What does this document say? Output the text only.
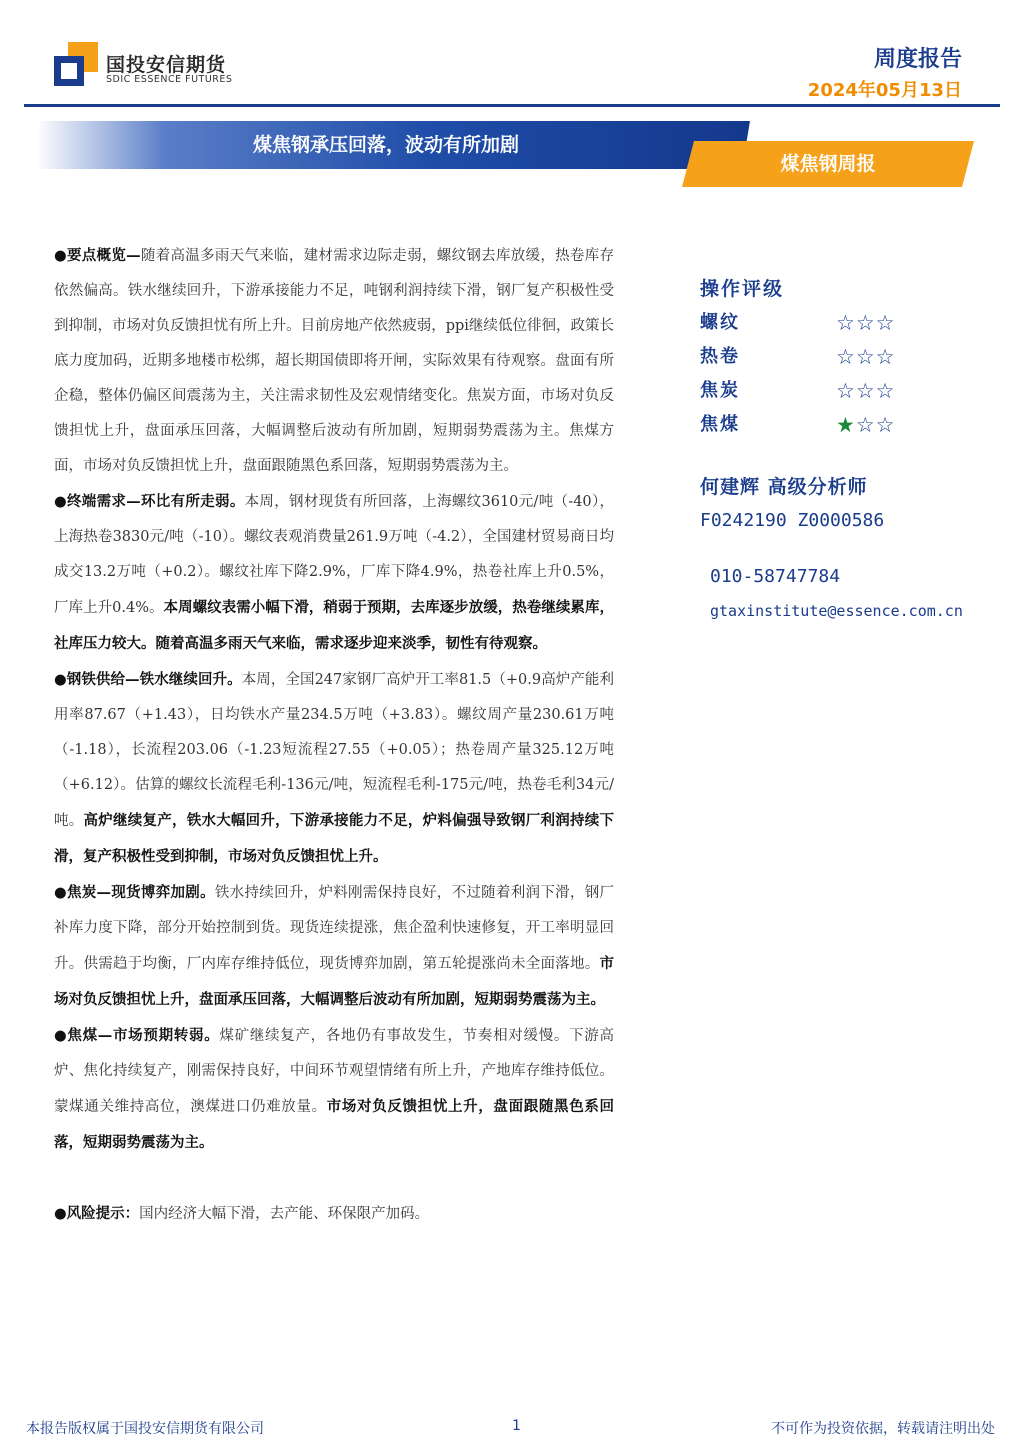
国投安信期货
SDIC ESSENCE FUTURES
周度报告
2024年05月13日
煤焦钢承压回落，波动有所加剧
煤焦钢周报

●要点概览—随着高温多雨天气来临，建材需求边际走弱，螺纹钢去库放缓，热卷库存依然偏高。铁水继续回升，下游承接能力不足，吨钢利润持续下滑，钢厂复产积极性受到抑制，市场对负反馈担忧有所上升。目前房地产依然疲弱，ppi继续低位徘徊，政策长底力度加码，近期多地楼市松绑，超长期国债即将开闸，实际效果有待观察。盘面有所企稳，整体仍偏区间震荡为主，关注需求韧性及宏观情绪变化。焦炭方面，市场对负反馈担忧上升，盘面承压回落，大幅调整后波动有所加剧，短期弱势震荡为主。焦煤方面，市场对负反馈担忧上升，盘面跟随黑色系回落，短期弱势震荡为主。

●终端需求—环比有所走弱。本周，钢材现货有所回落，上海螺纹3610元/吨（-40），上海热卷3830元/吨（-10）。螺纹表观消费量261.9万吨（-4.2），全国建材贸易商日均成交13.2万吨（+0.2）。螺纹社库下降2.9%，厂库下降4.9%，热卷社库上升0.5%，厂库上升0.4%。本周螺纹表需小幅下滑，稍弱于预期，去库逐步放缓，热卷继续累库，社库压力较大。随着高温多雨天气来临，需求逐步迎来淡季，韧性有待观察。

●钢铁供给—铁水继续回升。本周，全国247家钢厂高炉开工率81.5（+0.9高炉产能利用率87.67（+1.43），日均铁水产量234.5万吨（+3.83）。螺纹周产量230.61万吨（-1.18），长流程203.06（-1.23短流程27.55（+0.05）；热卷周产量325.12万吨（+6.12）。估算的螺纹长流程毛利-136元/吨，短流程毛利-175元/吨，热卷毛利34元/吨。高炉继续复产，铁水大幅回升，下游承接能力不足，炉料偏强导致钢厂利润持续下滑，复产积极性受到抑制，市场对负反馈担忧上升。

●焦炭—现货博弈加剧。铁水持续回升，炉料刚需保持良好，不过随着利润下滑，钢厂补库力度下降，部分开始控制到货。现货连续提涨，焦企盈利快速修复，开工率明显回升。供需趋于均衡，厂内库存维持低位，现货博弈加剧，第五轮提涨尚未全面落地。市场对负反馈担忧上升，盘面承压回落，大幅调整后波动有所加剧，短期弱势震荡为主。

●焦煤—市场预期转弱。煤矿继续复产，各地仍有事故发生，节奏相对缓慢。下游高炉、焦化持续复产，刚需保持良好，中间环节观望情绪有所上升，产地库存维持低位。蒙煤通关维持高位，澳煤进口仍难放量。市场对负反馈担忧上升，盘面跟随黑色系回落，短期弱势震荡为主。

●风险提示：国内经济大幅下滑，去产能、环保限产加码。

操作评级
螺纹	☆☆☆
热卷	☆☆☆
焦炭	☆☆☆
焦煤	★☆☆
何建辉 高级分析师
F0242190 Z0000586
010-58747784
gtaxinstitute@essence.com.cn
本报告版权属于国投安信期货有限公司	1	不可作为投资依据，转载请注明出处
